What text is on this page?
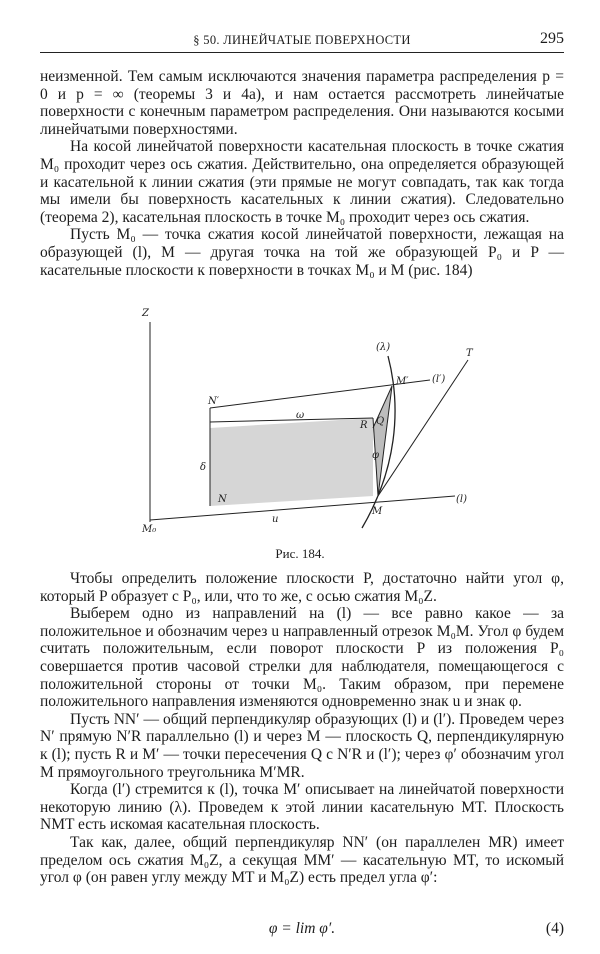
§ 50. ЛИНЕЙЧАТЫЕ ПОВЕРХНОСТИ	295

неизменной. Тем самым исключаются значения параметра распределения p = 0 и p = ∞ (теоремы 3 и 4а), и нам остается рассмотреть линейчатые поверхности с конечным параметром распределения. Они называются косыми линейчатыми поверхностями.

На косой линейчатой поверхности касательная плоскость в точке сжатия M₀ проходит через ось сжатия. Действительно, она определяется образующей и касательной к линии сжатия (эти прямые не могут совпадать, так как тогда мы имели бы поверхность касательных к линии сжатия). Следовательно (теорема 2), касательная плоскость в точке M₀ проходит через ось сжатия.

Пусть M₀ — точка сжатия косой линейчатой поверхности, лежащая на образующей (l), M — другая точка на той же образующей P₀ и P — касательные плоскости к поверхности в точках M₀ и M (рис. 184)

Z
(λ)
T
M′ (l′)
N′
ω
R Q
φ
δ
N	(l)
M₀
u
M
Рис. 184.

Чтобы определить положение плоскости P, достаточно найти угол φ, который P образует с P₀, или, что то же, с осью сжатия M₀Z.

Выберем одно из направлений на (l) — все равно какое — за положительное и обозначим через u направленный отрезок M₀M. Угол φ будем считать положительным, если поворот плоскости P из положения P₀ совершается против часовой стрелки для наблюдателя, помещающегося с положительной стороны от точки M₀. Таким образом, при перемене положительного направления изменяются одновременно знак u и знак φ.

Пусть NN′ — общий перпендикуляр образующих (l) и (l′). Проведем через N′ прямую N′R параллельно (l) и через M — плоскость Q, перпендикулярную к (l); пусть R и M′ — точки пересечения Q с N′R и (l′); через φ′ обозначим угол M прямоугольного треугольника M′MR.

Когда (l′) стремится к (l), точка M′ описывает на линейчатой поверхности некоторую линию (λ). Проведем к этой линии касательную MT. Плоскость NMT есть искомая касательная плоскость.

Так как, далее, общий перпендикуляр NN′ (он параллелен MR) имеет пределом ось сжатия M₀Z, а секущая MM′ — касательную MT, то искомый угол φ (он равен углу между MT и M₀Z) есть предел угла φ′:

φ = lim φ′.	(4)
